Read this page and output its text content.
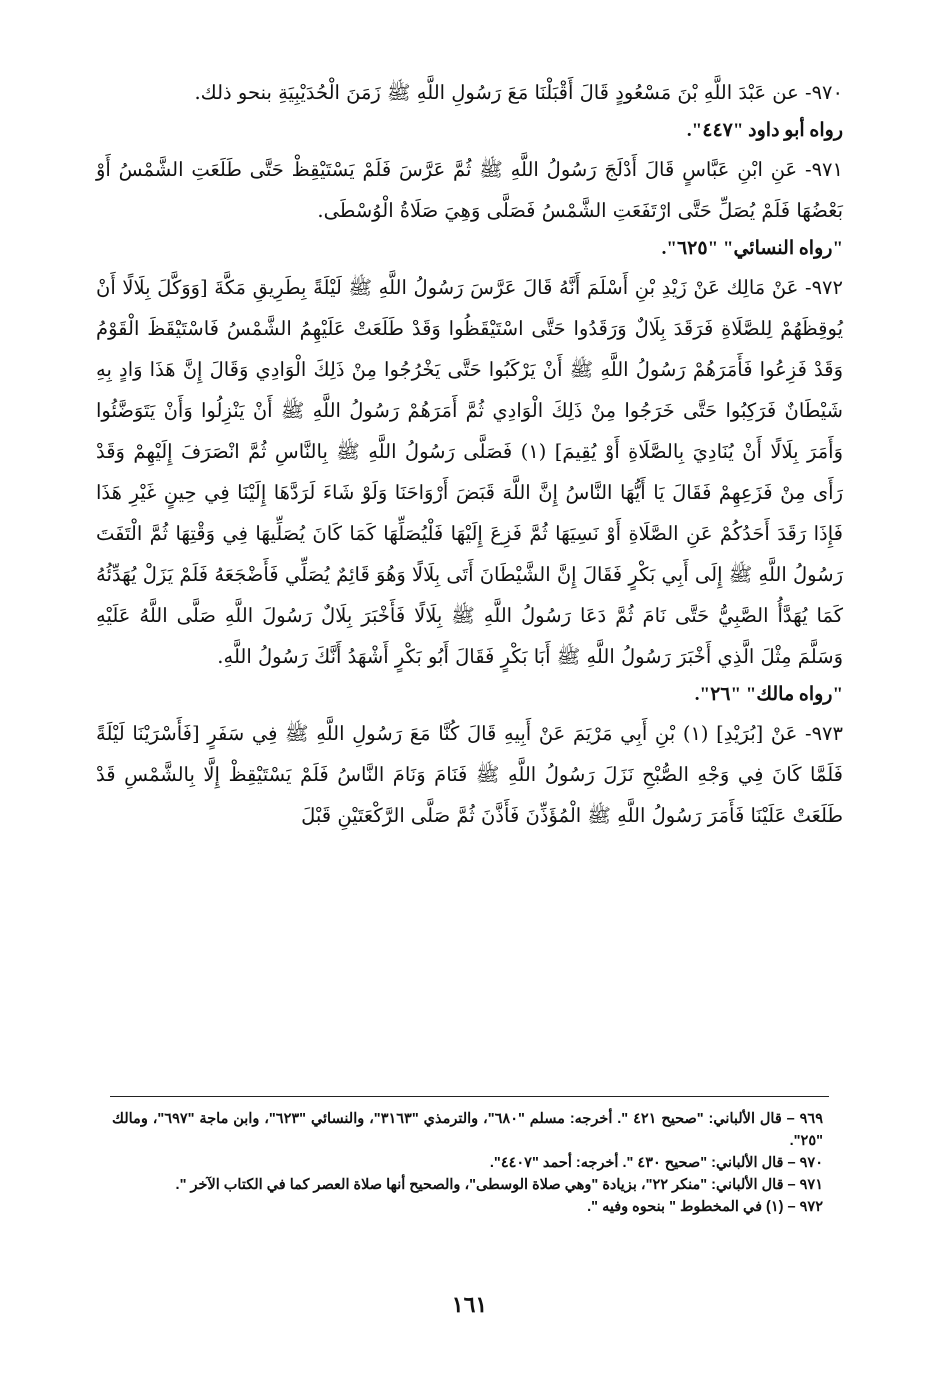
٩٧٠- عن عَبْدَ اللَّهِ بْنَ مَسْعُودٍ قَالَ أَقْبَلْنَا مَعَ رَسُولِ اللَّهِ ﷺ زَمَنَ الْحُدَيْبِيَةِ بنحو ذلك.

رواه أبو داود "٤٤٧".

٩٧١- عَنِ ابْنِ عَبَّاسٍ قَالَ أَدْلَجَ رَسُولُ اللَّهِ ﷺ ثُمَّ عَرَّسَ فَلَمْ يَسْتَيْقِظْ حَتَّى طَلَعَتِ الشَّمْسُ أَوْ بَعْضُهَا فَلَمْ يُصَلِّ حَتَّى ارْتَفَعَتِ الشَّمْسُ فَصَلَّى وَهِيَ صَلَاةُ الْوُسْطَى.

"رواه النسائي" "٦٢٥".

٩٧٢- عَنْ مَالِك عَنْ زَيْدِ بْنِ أَسْلَمَ أَنَّهُ قَالَ عَرَّسَ رَسُولُ اللَّهِ ﷺ لَيْلَةً بِطَرِيقِ مَكَّةَ [وَوَكَّلَ بِلَالًا أَنْ يُوقِظَهُمْ لِلصَّلَاةِ فَرَقَدَ بِلَالٌ وَرَقَدُوا حَتَّى اسْتَيْقَظُوا وَقَدْ طَلَعَتْ عَلَيْهِمُ الشَّمْسُ فَاسْتَيْقَظَ الْقَوْمُ وَقَدْ فَزِعُوا فَأَمَرَهُمْ رَسُولُ اللَّهِ ﷺ أَنْ يَرْكَبُوا حَتَّى يَخْرُجُوا مِنْ ذَلِكَ الْوَادِي وَقَالَ إِنَّ هَذَا وَادٍ بِهِ شَيْطَانٌ فَرَكِبُوا حَتَّى خَرَجُوا مِنْ ذَلِكَ الْوَادِي ثُمَّ أَمَرَهُمْ رَسُولُ اللَّهِ ﷺ أَنْ يَنْزِلُوا وَأَنْ يَتَوَضَّئُوا وَأَمَرَ بِلَالًا أَنْ يُنَادِيَ بِالصَّلَاةِ أَوْ يُقِيمَ] (١) فَصَلَّى رَسُولُ اللَّهِ ﷺ بِالنَّاسِ ثُمَّ انْصَرَفَ إِلَيْهِمْ وَقَدْ رَأَى مِنْ فَزَعِهِمْ فَقَالَ يَا أَيُّهَا النَّاسُ إِنَّ اللَّهَ قَبَضَ أَرْوَاحَنَا وَلَوْ شَاءَ لَرَدَّهَا إِلَيْنَا فِي حِينٍ غَيْرِ هَذَا فَإِذَا رَقَدَ أَحَدُكُمْ عَنِ الصَّلَاةِ أَوْ نَسِيَهَا ثُمَّ فَزِعَ إِلَيْهَا فَلْيُصَلِّهَا كَمَا كَانَ يُصَلِّيهَا فِي وَقْتِهَا ثُمَّ الْتَفَتَ رَسُولُ اللَّهِ ﷺ إِلَى أَبِي بَكْرٍ فَقَالَ إِنَّ الشَّيْطَانَ أَتَى بِلَالًا وَهُوَ قَائِمٌ يُصَلِّي فَأَضْجَعَهُ فَلَمْ يَزَلْ يُهَدِّئُهُ كَمَا يُهَدَّأُ الصَّبِيُّ حَتَّى نَامَ ثُمَّ دَعَا رَسُولُ اللَّهِ ﷺ بِلَالًا فَأَخْبَرَ بِلَالٌ رَسُولَ اللَّهِ صَلَّى اللَّهُ عَلَيْهِ وَسَلَّمَ مِثْلَ الَّذِي أَخْبَرَ رَسُولُ اللَّهِ ﷺ أَبَا بَكْرٍ فَقَالَ أَبُو بَكْرٍ أَشْهَدُ أَنَّكَ رَسُولُ اللَّهِ.

"رواه مالك" "٢٦".

٩٧٣- عَنْ [بُرَيْدِ] (١) بْنِ أَبِي مَرْيَمَ عَنْ أَبِيهِ قَالَ كُنَّا مَعَ رَسُولِ اللَّهِ ﷺ فِي سَفَرٍ [فَأَسْرَيْنَا لَيْلَةً فَلَمَّا كَانَ فِي وَجْهِ الصُّبْحِ نَزَلَ رَسُولُ اللَّهِ ﷺ فَنَامَ وَنَامَ النَّاسُ فَلَمْ يَسْتَيْقِظْ إِلَّا بِالشَّمْسِ قَدْ طَلَعَتْ عَلَيْنَا فَأَمَرَ رَسُولُ اللَّهِ ﷺ الْمُؤَذِّنَ فَأَذَّنَ ثُمَّ صَلَّى الرَّكْعَتَيْنِ قَبْلَ

٩٦٩ – قال الألباني: "صحيح ٤٢١ ". أخرجه: مسلم "٦٨٠"، والترمذي "٣١٦٣"، والنسائي "٦٢٣"، وابن ماجة "٦٩٧"، ومالك "٢٥".

٩٧٠ – قال الألباني: "صحيح ٤٣٠ ". أخرجه: أحمد "٤٤٠٧".

٩٧١ – قال الألباني: "منكر ٢٢"، بزيادة "وهي صلاة الوسطى"، والصحيح أنها صلاة العصر كما في الكتاب الآخر ".

٩٧٢ – (١) في المخطوط " بنحوه وفيه ".

١٦١
